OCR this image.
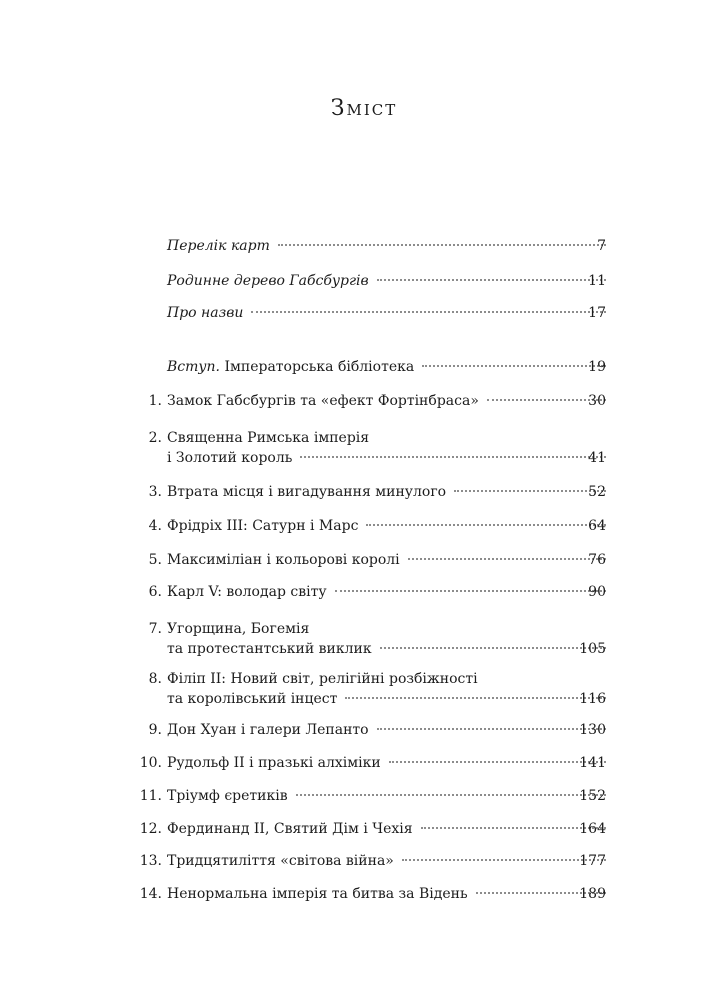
Зміст
Перелік карт	7
Родинне дерево Габсбургів	11
Про назви	17
Вступ. Імператорська бібліотека	19
1. Замок Габсбургів та «ефект Фортінбраса»	30
2. Священна Римська імперія
і Золотий король	41
3. Втрата місця і вигадування минулого	52
4. Фрідріх III: Сатурн і Марс	64
5. Максиміліан і кольорові королі	76
6. Карл V: володар світу	90
7. Угорщина, Богемія
та протестантський виклик	105
8. Філіп II: Новий світ, релігійні розбіжності
та королівський інцест	116
9. Дон Хуан і галери Лепанто	130
10. Рудольф II і празькі алхіміки	141
11. Тріумф єретиків	152
12. Фердинанд II, Святий Дім і Чехія	164
13. Тридцятиліття «світова війна»	177
14. Ненормальна імперія та битва за Відень	189
